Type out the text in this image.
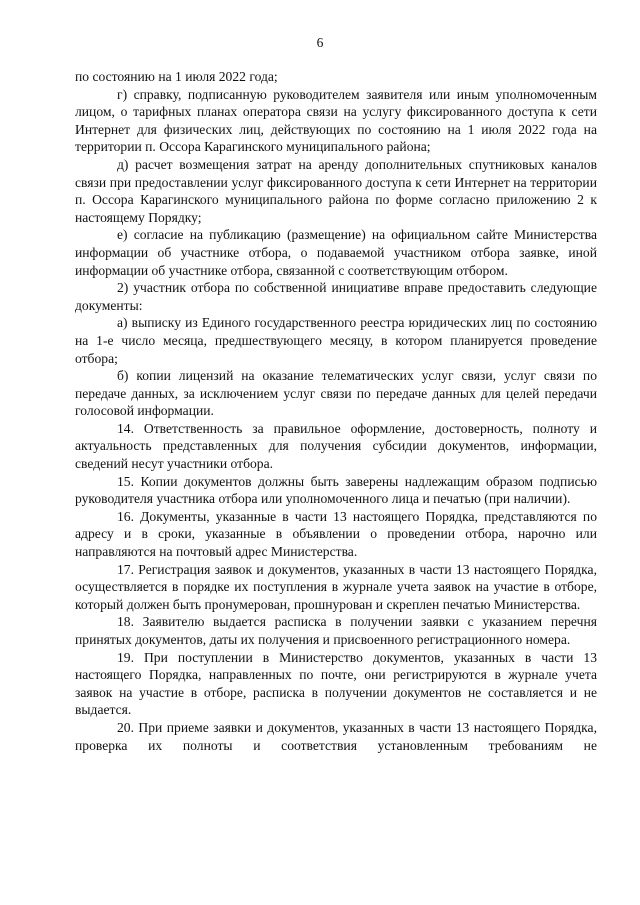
6

по состоянию на 1 июля 2022 года;

г) справку, подписанную руководителем заявителя или иным уполномоченным лицом, о тарифных планах оператора связи на услугу фиксированного доступа к сети Интернет для физических лиц, действующих по состоянию на 1 июля 2022 года на территории п. Оссора Карагинского муниципального района;

д) расчет возмещения затрат на аренду дополнительных спутниковых каналов связи при предоставлении услуг фиксированного доступа к сети Интернет на территории п. Оссора Карагинского муниципального района по форме согласно приложению 2 к настоящему Порядку;

е) согласие на публикацию (размещение) на официальном сайте Министерства информации об участнике отбора, о подаваемой участником отбора заявке, иной информации об участнике отбора, связанной с соответствующим отбором.

2) участник отбора по собственной инициативе вправе предоставить следующие документы:

а) выписку из Единого государственного реестра юридических лиц по состоянию на 1-е число месяца, предшествующего месяцу, в котором планируется проведение отбора;

б) копии лицензий на оказание телематических услуг связи, услуг связи по передаче данных, за исключением услуг связи по передаче данных для целей передачи голосовой информации.

14. Ответственность за правильное оформление, достоверность, полноту и актуальность представленных для получения субсидии документов, информации, сведений несут участники отбора.

15. Копии документов должны быть заверены надлежащим образом подписью руководителя участника отбора или уполномоченного лица и печатью (при наличии).

16. Документы, указанные в части 13 настоящего Порядка, представляются по адресу и в сроки, указанные в объявлении о проведении отбора, нарочно или направляются на почтовый адрес Министерства.

17. Регистрация заявок и документов, указанных в части 13 настоящего Порядка, осуществляется в порядке их поступления в журнале учета заявок на участие в отборе, который должен быть пронумерован, прошнурован и скреплен печатью Министерства.

18. Заявителю выдается расписка в получении заявки с указанием перечня принятых документов, даты их получения и присвоенного регистрационного номера.

19. При поступлении в Министерство документов, указанных в части 13 настоящего Порядка, направленных по почте, они регистрируются в журнале учета заявок на участие в отборе, расписка в получении документов не составляется и не выдается.

20. При приеме заявки и документов, указанных в части 13 настоящего Порядка, проверка их полноты и соответствия установленным требованиям не
